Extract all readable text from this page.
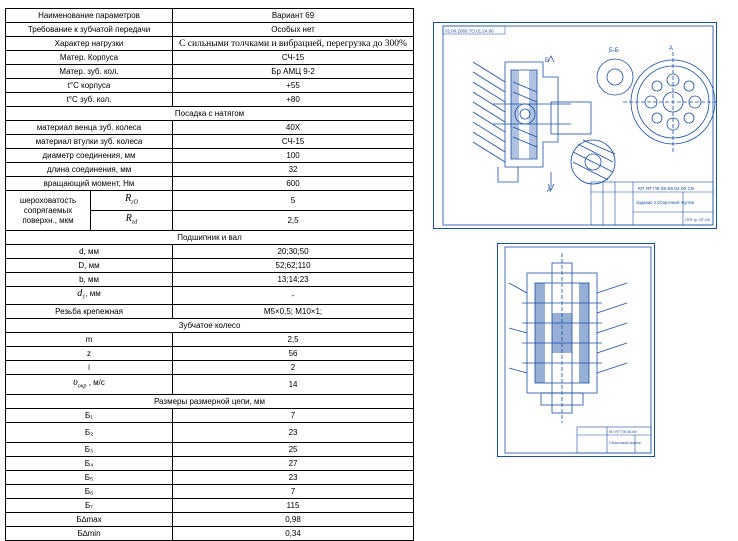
Наименование параметров		Вариант 69
Требование к зубчатой передачи		Особых нет
Характер нагрузки		С сильными толчками и вибрацией, перегрузка до 300%
Матер. Корпуса		СЧ-15
Матер. зуб. кол.		Бр АМЦ 9-2
t°C корпуса		+55
t°C зуб. кол.		+80
Посадка с натягом		
материал венца зуб. колеса		40Х
материал втулки зуб. колеса		СЧ-15
диаметр соединения, мм		100
длина соединения, мм		32
вращающий момент, Нм		600
шероховатость сопрягаемых поверхн., мкм	$R_{zD}$	5
	$R_{zd}$	2,5
Подшипник и вал		
d, мм		20;30;50
D, мм		52;62;110
b, мм		13;14;23
$d_1$, мм		-
Резьба крепежная		M5×0,5; M10×1;
Зубчатое колесо		
m		2,5
z		56
i		2
$\upsilon_{окр}$ , м/с		14
Размеры размерной цепи, мм		
Б₁		7
Б₂		23
Б₃		25
Б₄		27
Б₅		23
Б₆		7
Б₇		115
Б∆max		0,98
Б∆min		0,34
02.00.2069.ТО.01.24.00
Б
А
А
Б-Б
КП ЯТ ПК 06.69.02.00 СБ
Задание 2 Сборочный чертеж
ПГЕ гр ЭТ-09
КП ЯТ ПК 06.69
Сборочный чертеж
